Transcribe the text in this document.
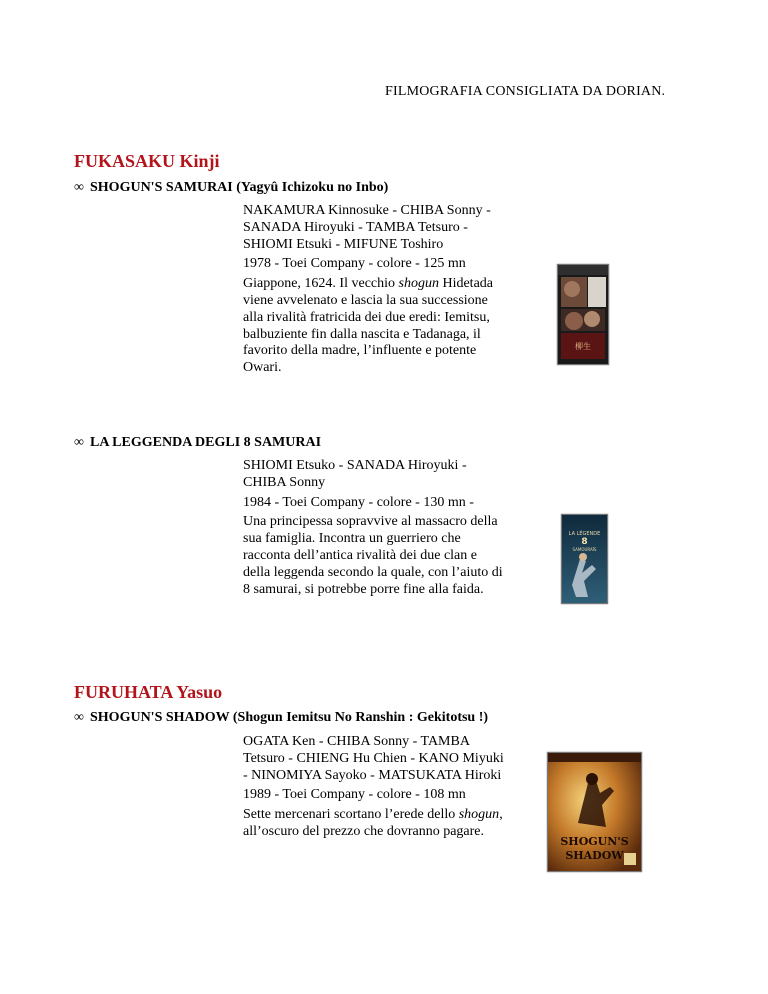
FILMOGRAFIA CONSIGLIATA DA DORIAN.
FUKASAKU Kinji
∞ SHOGUN'S SAMURAI (Yagyû Ichizoku no Inbo)

NAKAMURA Kinnosuke - CHIBA Sonny - SANADA Hiroyuki - TAMBA Tetsuro - SHIOMI Etsuki - MIFUNE Toshiro

1978 - Toei Company - colore - 125 mn

Giappone, 1624. Il vecchio shogun Hidetada viene avvelenato e lascia la sua successione alla rivalità fratricida dei due eredi: Iemitsu, balbuziente fin dalla nascita e Tadanaga, il favorito della madre, l’influente e potente Owari.

柳生
∞ LA LEGGENDA DEGLI 8 SAMURAI

SHIOMI Etsuko - SANADA Hiroyuki - CHIBA Sonny

1984 - Toei Company - colore - 130 mn -

Una principessa sopravvive al massacro della sua famiglia. Incontra un guerriero che racconta dell’antica rivalità dei due clan e della leggenda secondo la quale, con l’aiuto di 8 samurai, si potrebbe porre fine alla faida.

LA LÉGENDE
8
SAMOURAÏS
FURUHATA Yasuo
∞ SHOGUN'S SHADOW (Shogun Iemitsu No Ranshin : Gekitotsu !)

OGATA Ken - CHIBA Sonny - TAMBA Tetsuro - CHIENG Hu Chien - KANO Miyuki - NINOMIYA Sayoko - MATSUKATA Hiroki

1989 - Toei Company - colore - 108 mn

Sette mercenari scortano l’erede dello shogun, all’oscuro del prezzo che dovranno pagare.

SHOGUN'S
SHADOW
